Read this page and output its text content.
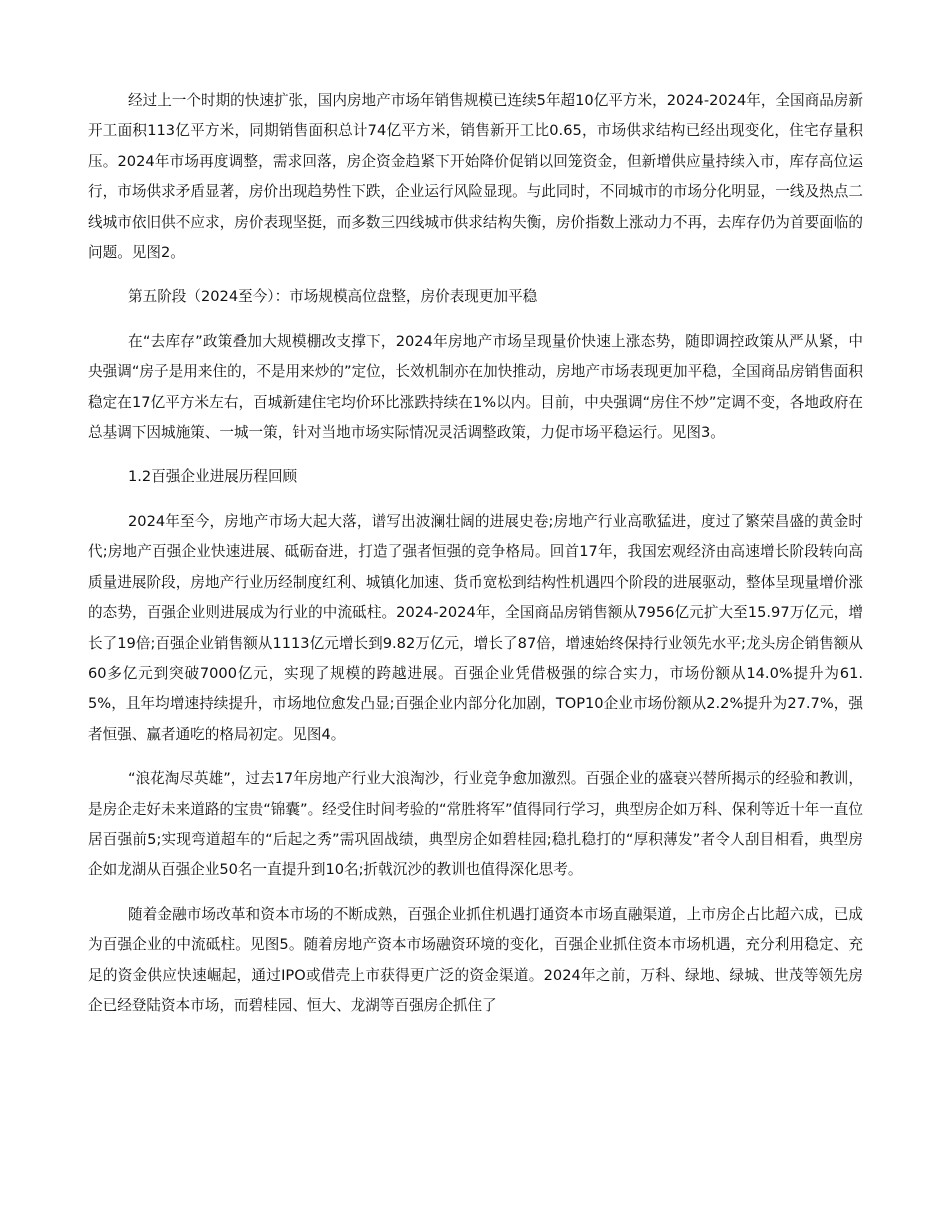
经过上一个时期的快速扩张，国内房地产市场年销售规模已连续5年超10亿平方米，2024-2024年，全国商品房新开工面积113亿平方米，同期销售面积总计74亿平方米，销售新开工比0.65，市场供求结构已经出现变化，住宅存量积压。2024年市场再度调整，需求回落，房企资金趋紧下开始降价促销以回笼资金，但新增供应量持续入市，库存高位运行，市场供求矛盾显著，房价出现趋势性下跌，企业运行风险显现。与此同时，不同城市的市场分化明显，一线及热点二线城市依旧供不应求，房价表现坚挺，而多数三四线城市供求结构失衡，房价指数上涨动力不再，去库存仍为首要面临的问题。见图2。

第五阶段（2024至今）：市场规模高位盘整，房价表现更加平稳

在“去库存”政策叠加大规模棚改支撑下，2024年房地产市场呈现量价快速上涨态势，随即调控政策从严从紧，中央强调“房子是用来住的，不是用来炒的”定位，长效机制亦在加快推动，房地产市场表现更加平稳，全国商品房销售面积稳定在17亿平方米左右，百城新建住宅均价环比涨跌持续在1%以内。目前，中央强调“房住不炒”定调不变，各地政府在总基调下因城施策、一城一策，针对当地市场实际情况灵活调整政策，力促市场平稳运行。见图3。

1.2百强企业进展历程回顾

2024年至今，房地产市场大起大落，谱写出波澜壮阔的进展史卷;房地产行业高歌猛进，度过了繁荣昌盛的黄金时代;房地产百强企业快速进展、砥砺奋进，打造了强者恒强的竞争格局。回首17年，我国宏观经济由高速增长阶段转向高质量进展阶段，房地产行业历经制度红利、城镇化加速、货币宽松到结构性机遇四个阶段的进展驱动，整体呈现量增价涨的态势，百强企业则进展成为行业的中流砥柱。2024-2024年，全国商品房销售额从7956亿元扩大至15.97万亿元，增长了19倍;百强企业销售额从1113亿元增长到9.82万亿元，增长了87倍，增速始终保持行业领先水平;龙头房企销售额从60多亿元到突破7000亿元，实现了规模的跨越进展。百强企业凭借极强的综合实力，市场份额从14.0%提升为61.5%，且年均增速持续提升，市场地位愈发凸显;百强企业内部分化加剧，TOP10企业市场份额从2.2%提升为27.7%，强者恒强、赢者通吃的格局初定。见图4。

“浪花淘尽英雄”，过去17年房地产行业大浪淘沙，行业竞争愈加激烈。百强企业的盛衰兴替所揭示的经验和教训，是房企走好未来道路的宝贵“锦囊”。经受住时间考验的“常胜将军”值得同行学习，典型房企如万科、保利等近十年一直位居百强前5;实现弯道超车的“后起之秀”需巩固战绩，典型房企如碧桂园;稳扎稳打的“厚积薄发”者令人刮目相看，典型房企如龙湖从百强企业50名一直提升到10名;折戟沉沙的教训也值得深化思考。

随着金融市场改革和资本市场的不断成熟，百强企业抓住机遇打通资本市场直融渠道，上市房企占比超六成，已成为百强企业的中流砥柱。见图5。随着房地产资本市场融资环境的变化，百强企业抓住资本市场机遇，充分利用稳定、充足的资金供应快速崛起，通过IPO或借壳上市获得更广泛的资金渠道。2024年之前，万科、绿地、绿城、世茂等领先房企已经登陆资本市场，而碧桂园、恒大、龙湖等百强房企抓住了
